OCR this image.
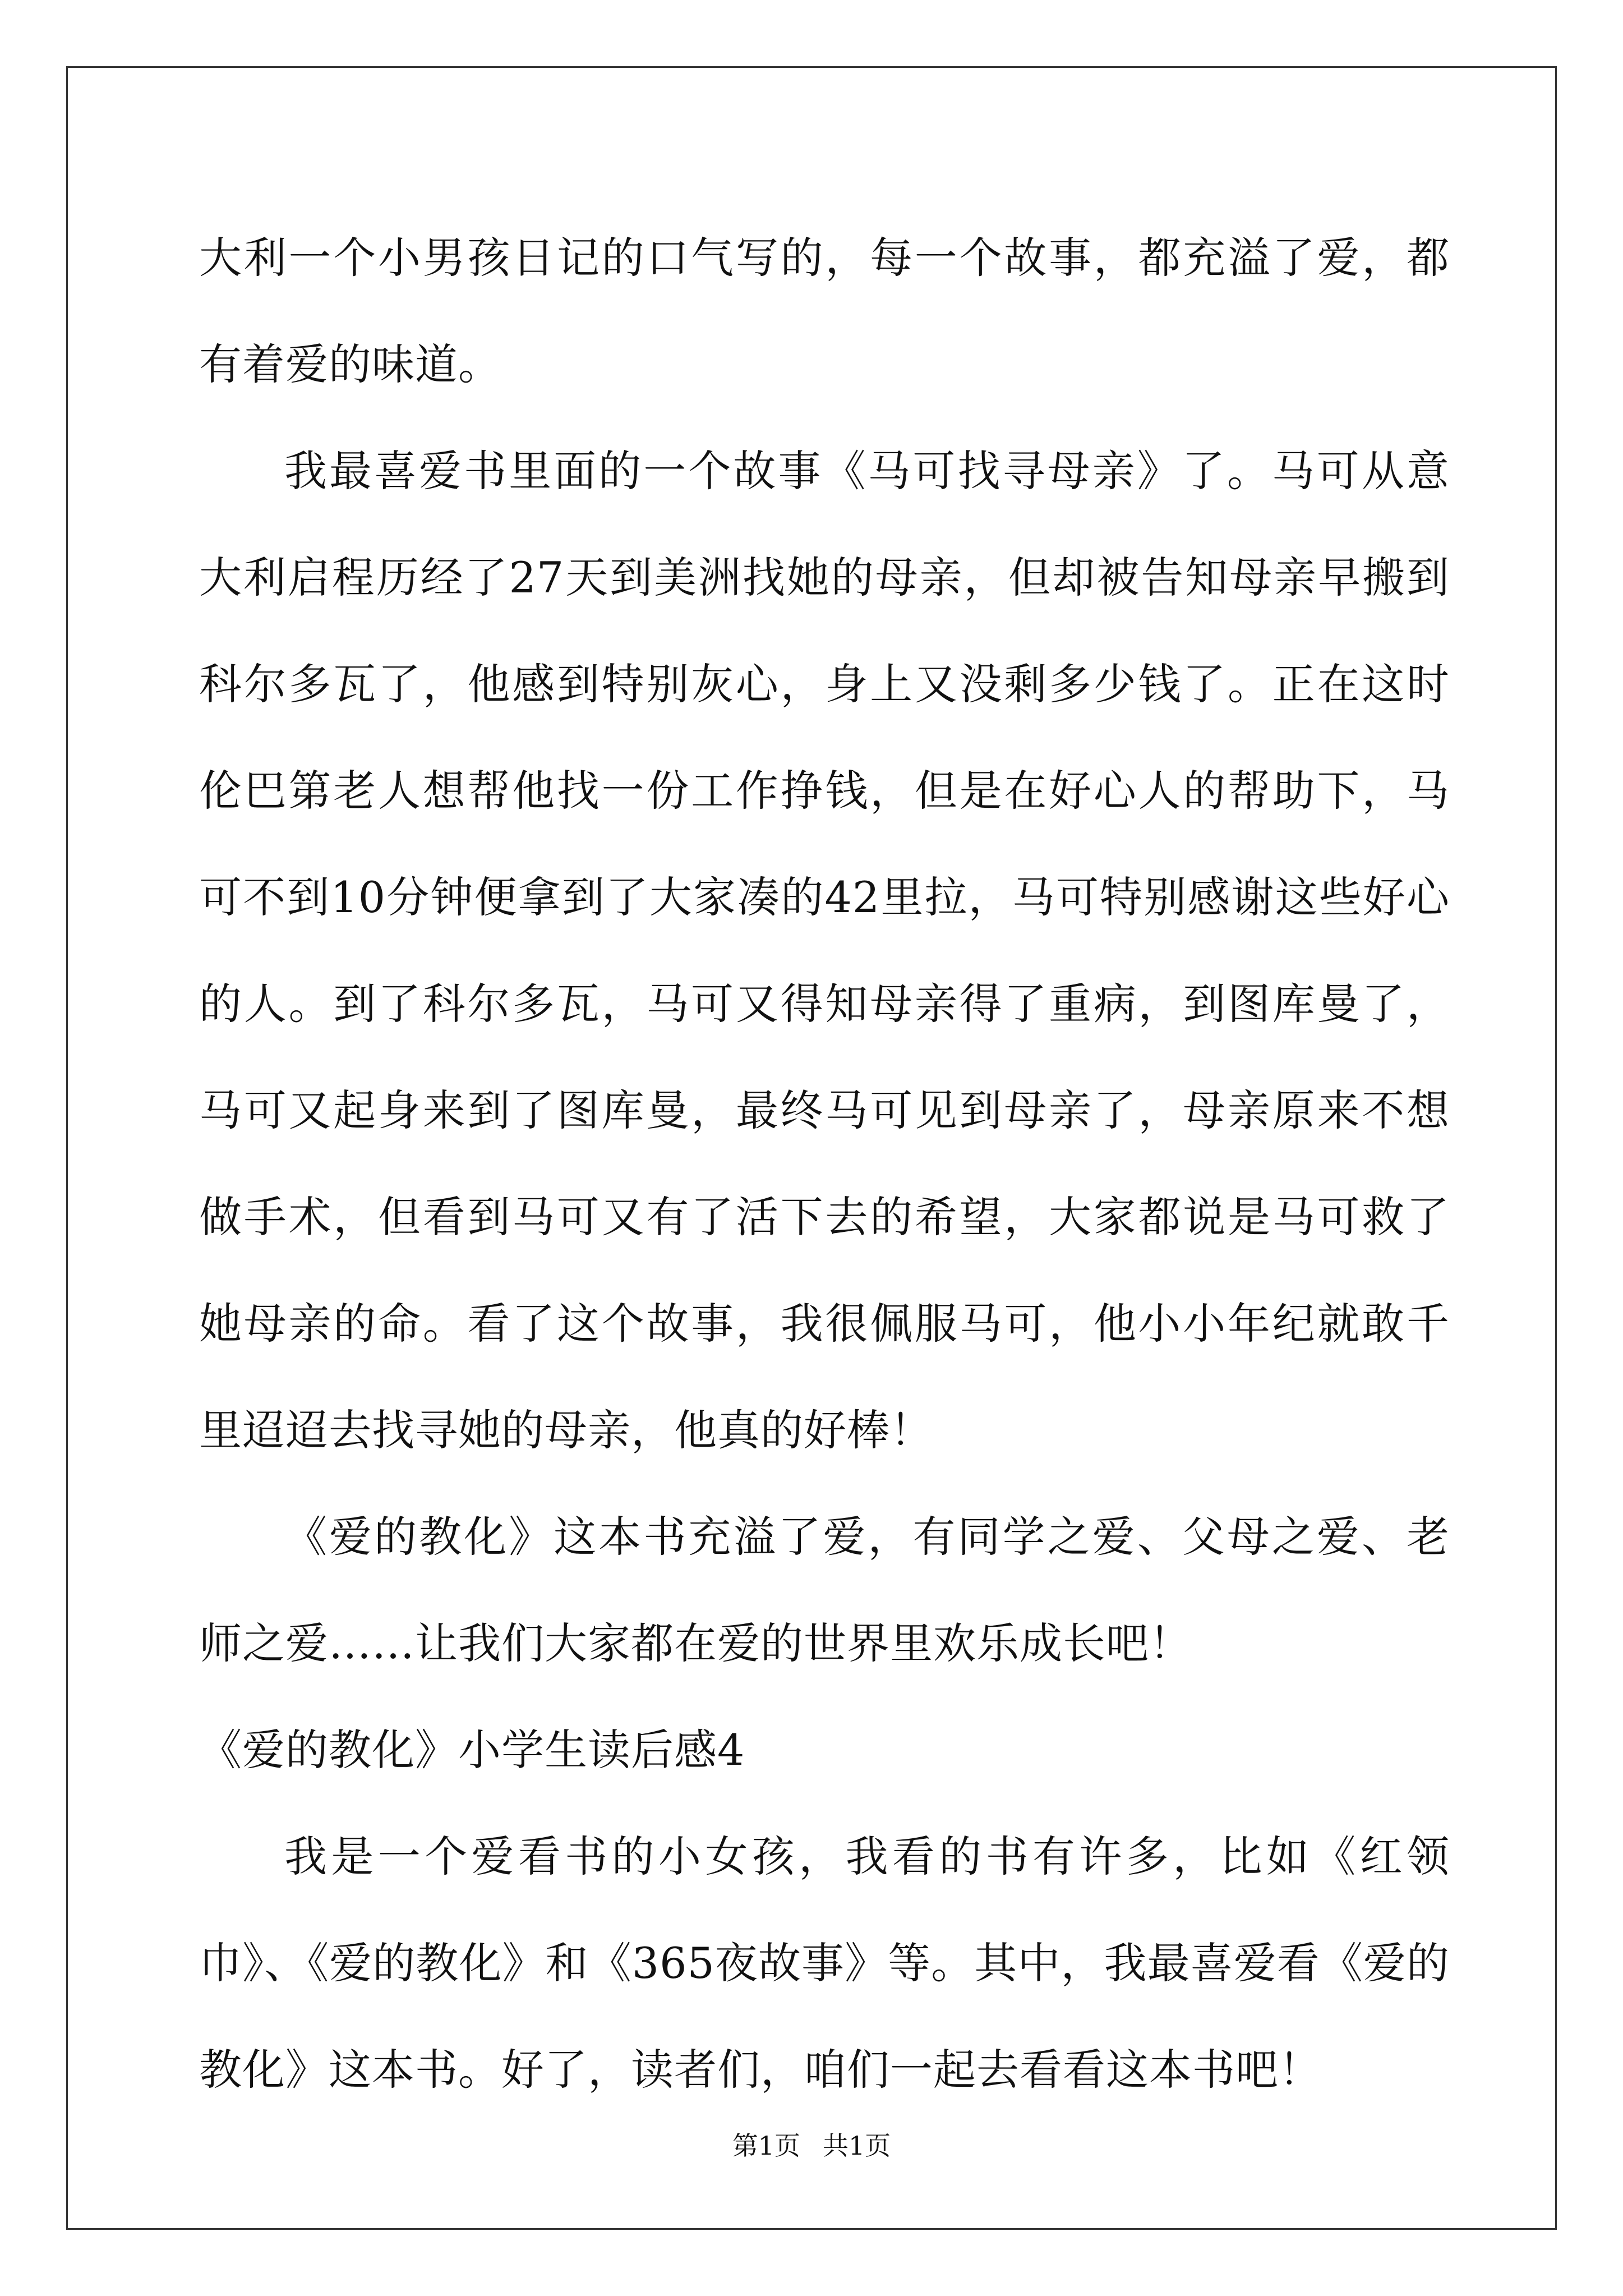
大利一个小男孩日记的口气写的，每一个故事，都充溢了爱，都有着爱的味道。

我最喜爱书里面的一个故事《马可找寻母亲》了。马可从意大利启程历经了27天到美洲找她的母亲，但却被告知母亲早搬到科尔多瓦了，他感到特别灰心，身上又没剩多少钱了。正在这时伦巴第老人想帮他找一份工作挣钱，但是在好心人的帮助下，马可不到10分钟便拿到了大家凑的42里拉，马可特别感谢这些好心的人。到了科尔多瓦，马可又得知母亲得了重病，到图库曼了，马可又起身来到了图库曼，最终马可见到母亲了，母亲原来不想做手术，但看到马可又有了活下去的希望，大家都说是马可救了她母亲的命。看了这个故事，我很佩服马可，他小小年纪就敢千里迢迢去找寻她的母亲，他真的好棒！

《爱的教化》这本书充溢了爱，有同学之爱、父母之爱、老师之爱……让我们大家都在爱的世界里欢乐成长吧！

《爱的教化》小学生读后感4

我是一个爱看书的小女孩，我看的书有许多，比如《红领巾》、《爱的教化》和《365夜故事》等。其中，我最喜爱看《爱的教化》这本书。好了，读者们，咱们一起去看看这本书吧！

第1页 共1页
